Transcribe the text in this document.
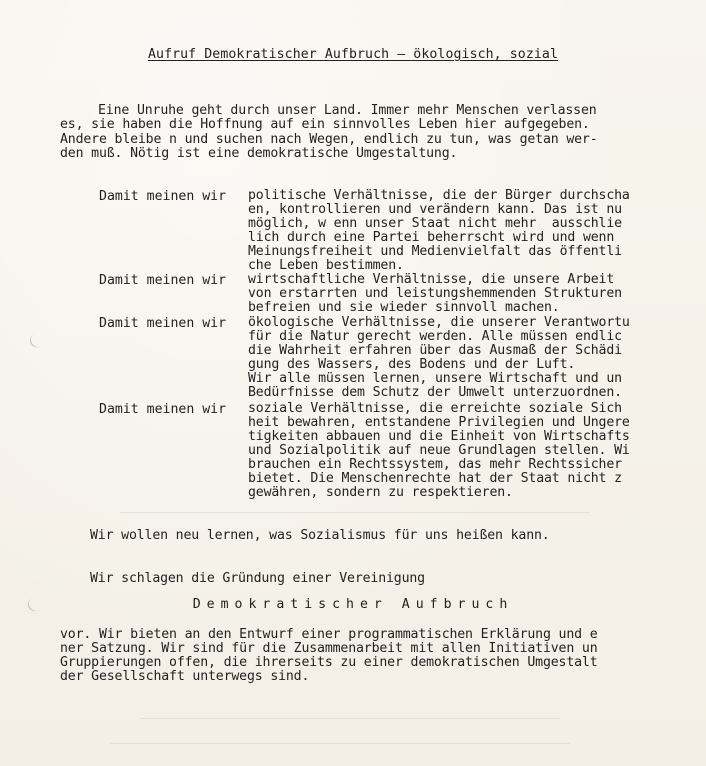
Aufruf Demokratischer Aufbruch – ökologisch, sozial

Eine Unruhe geht durch unser Land. Immer mehr Menschen verlassen

es, sie haben die Hoffnung auf ein sinnvolles Leben hier aufgegeben.

Andere bleibe n und suchen nach Wegen, endlich zu tun, was getan wer-

den muß. Nötig ist eine demokratische Umgestaltung.

Damit meinen wir politische Verhältnisse, die der Bürger durchscha

en, kontrollieren und verändern kann. Das ist nu

möglich, w enn unser Staat nicht mehr  ausschlie

lich durch eine Partei beherrscht wird und wenn

Meinungsfreiheit und Medienvielfalt das öffentli

che Leben bestimmen.

Damit meinen wir wirtschaftliche Verhältnisse, die unsere Arbeit

von erstarrten und leistungshemmenden Strukturen

befreien und sie wieder sinnvoll machen.

Damit meinen wir ökologische Verhältnisse, die unserer Verantwortu

für die Natur gerecht werden. Alle müssen endlic

die Wahrheit erfahren über das Ausmaß der Schädi

gung des Wassers, des Bodens und der Luft.

Wir alle müssen lernen, unsere Wirtschaft und un

Bedürfnisse dem Schutz der Umwelt unterzuordnen.

Damit meinen wir soziale Verhältnisse, die erreichte soziale Sich

heit bewahren, entstandene Privilegien und Ungere

tigkeiten abbauen und die Einheit von Wirtschafts

und Sozialpolitik auf neue Grundlagen stellen. Wi

brauchen ein Rechtssystem, das mehr Rechtssicher

bietet. Die Menschenrechte hat der Staat nicht z

gewähren, sondern zu respektieren.

Wir wollen neu lernen, was Sozialismus für uns heißen kann.

Wir schlagen die Gründung einer Vereinigung

Demokratischer Aufbruch

vor. Wir bieten an den Entwurf einer programmatischen Erklärung und e

ner Satzung. Wir sind für die Zusammenarbeit mit allen Initiativen un

Gruppierungen offen, die ihrerseits zu einer demokratischen Umgestalt

der Gesellschaft unterwegs sind.
